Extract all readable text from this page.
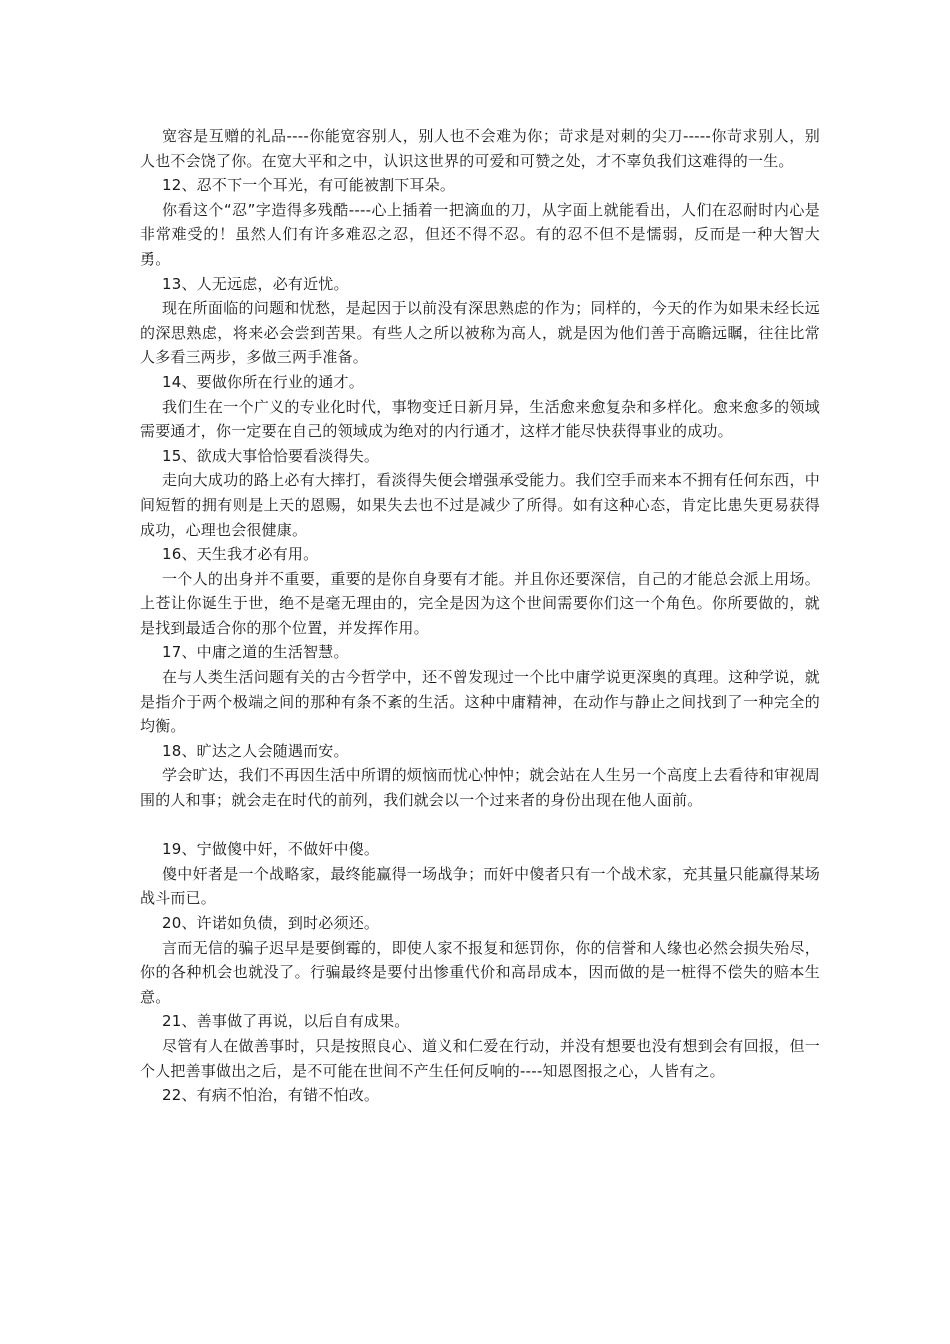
宽容是互赠的礼品----你能宽容别人，别人也不会难为你；苛求是对刺的尖刀-----你苛求别人，别人也不会饶了你。在宽大平和之中，认识这世界的可爱和可赞之处，才不辜负我们这难得的一生。

12、忍不下一个耳光，有可能被割下耳朵。

你看这个“忍”字造得多残酷----心上插着一把滴血的刀，从字面上就能看出，人们在忍耐时内心是非常难受的！虽然人们有许多难忍之忍，但还不得不忍。有的忍不但不是懦弱，反而是一种大智大勇。

13、人无远虑，必有近忧。

现在所面临的问题和忧愁，是起因于以前没有深思熟虑的作为；同样的，今天的作为如果未经长远的深思熟虑，将来必会尝到苦果。有些人之所以被称为高人，就是因为他们善于高瞻远瞩，往往比常人多看三两步，多做三两手准备。

14、要做你所在行业的通才。

我们生在一个广义的专业化时代，事物变迁日新月异，生活愈来愈复杂和多样化。愈来愈多的领域需要通才，你一定要在自己的领域成为绝对的内行通才，这样才能尽快获得事业的成功。

15、欲成大事恰恰要看淡得失。

走向大成功的路上必有大摔打，看淡得失便会增强承受能力。我们空手而来本不拥有任何东西，中间短暂的拥有则是上天的恩赐，如果失去也不过是减少了所得。如有这种心态，肯定比患失更易获得成功，心理也会很健康。

16、天生我才必有用。

一个人的出身并不重要，重要的是你自身要有才能。并且你还要深信，自己的才能总会派上用场。上苍让你诞生于世，绝不是毫无理由的，完全是因为这个世间需要你们这一个角色。你所要做的，就是找到最适合你的那个位置，并发挥作用。

17、中庸之道的生活智慧。

在与人类生活问题有关的古今哲学中，还不曾发现过一个比中庸学说更深奥的真理。这种学说，就是指介于两个极端之间的那种有条不紊的生活。这种中庸精神，在动作与静止之间找到了一种完全的均衡。

18、旷达之人会随遇而安。

学会旷达，我们不再因生活中所谓的烦恼而忧心忡忡；就会站在人生另一个高度上去看待和审视周围的人和事；就会走在时代的前列，我们就会以一个过来者的身份出现在他人面前。

19、宁做傻中奸，不做奸中傻。

傻中奸者是一个战略家，最终能赢得一场战争；而奸中傻者只有一个战术家，充其量只能赢得某场战斗而已。

20、许诺如负债，到时必须还。

言而无信的骗子迟早是要倒霉的，即使人家不报复和惩罚你，你的信誉和人缘也必然会损失殆尽，你的各种机会也就没了。行骗最终是要付出惨重代价和高昂成本，因而做的是一桩得不偿失的赔本生意。

21、善事做了再说，以后自有成果。

尽管有人在做善事时，只是按照良心、道义和仁爱在行动，并没有想要也没有想到会有回报，但一个人把善事做出之后，是不可能在世间不产生任何反响的----知恩图报之心，人皆有之。

22、有病不怕治，有错不怕改。
